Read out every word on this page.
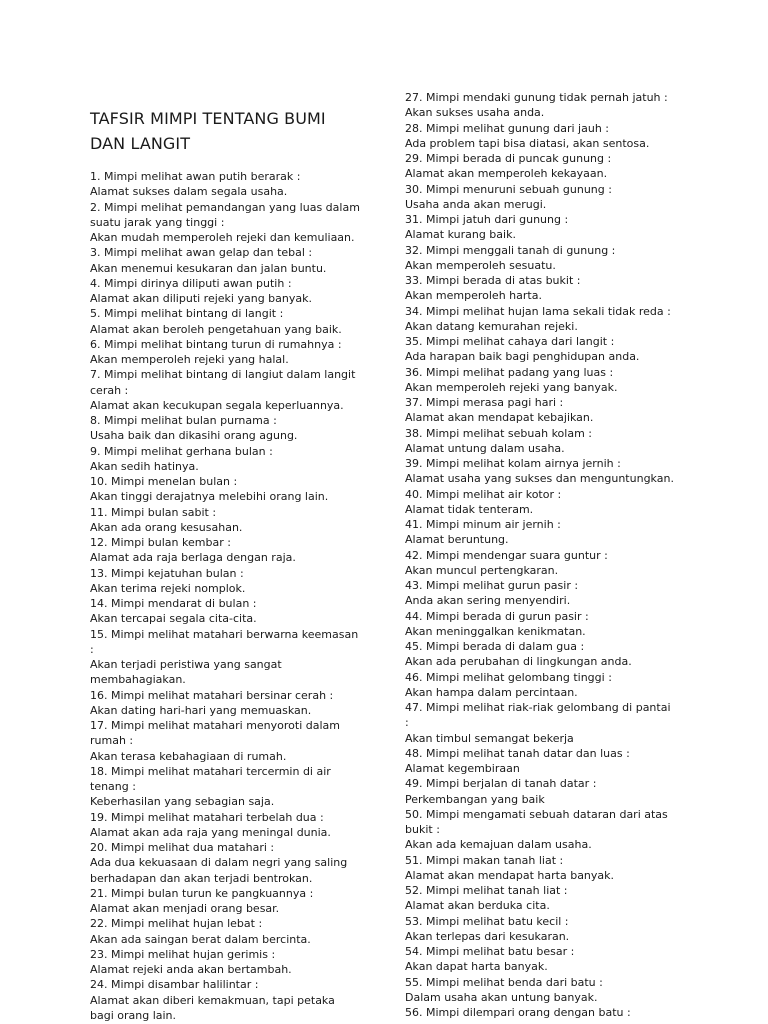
TAFSIR MIMPI TENTANG BUMI
DAN LANGIT
1. Mimpi melihat awan putih berarak :
Alamat sukses dalam segala usaha.
2. Mimpi melihat pemandangan yang luas dalam
suatu jarak yang tinggi :
Akan mudah memperoleh rejeki dan kemuliaan.
3. Mimpi melihat awan gelap dan tebal :
Akan menemui kesukaran dan jalan buntu.
4. Mimpi dirinya diliputi awan putih :
Alamat akan diliputi rejeki yang banyak.
5. Mimpi melihat bintang di langit :
Alamat akan beroleh pengetahuan yang baik.
6. Mimpi melihat bintang turun di rumahnya :
Akan memperoleh rejeki yang halal.
7. Mimpi melihat bintang di langiut dalam langit
cerah :
Alamat akan kecukupan segala keperluannya.
8. Mimpi melihat bulan purnama :
Usaha baik dan dikasihi orang agung.
9. Mimpi melihat gerhana bulan :
Akan sedih hatinya.
10. Mimpi menelan bulan :
Akan tinggi derajatnya melebihi orang lain.
11. Mimpi bulan sabit :
Akan ada orang kesusahan.
12. Mimpi bulan kembar :
Alamat ada raja berlaga dengan raja.
13. Mimpi kejatuhan bulan :
Akan terima rejeki nomplok.
14. Mimpi mendarat di bulan :
Akan tercapai segala cita-cita.
15. Mimpi melihat matahari berwarna keemasan
:
Akan terjadi peristiwa yang sangat
membahagiakan.
16. Mimpi melihat matahari bersinar cerah :
Akan dating hari-hari yang memuaskan.
17. Mimpi melihat matahari menyoroti dalam
rumah :
Akan terasa kebahagiaan di rumah.
18. Mimpi melihat matahari tercermin di air
tenang :
Keberhasilan yang sebagian saja.
19. Mimpi melihat matahari terbelah dua :
Alamat akan ada raja yang meningal dunia.
20. Mimpi melihat dua matahari :
Ada dua kekuasaan di dalam negri yang saling
berhadapan dan akan terjadi bentrokan.
21. Mimpi bulan turun ke pangkuannya :
Alamat akan menjadi orang besar.
22. Mimpi melihat hujan lebat :
Akan ada saingan berat dalam bercinta.
23. Mimpi melihat hujan gerimis :
Alamat rejeki anda akan bertambah.
24. Mimpi disambar halilintar :
Alamat akan diberi kemakmuan, tapi petaka
bagi orang lain.
27. Mimpi mendaki gunung tidak pernah jatuh :
Akan sukses usaha anda.
28. Mimpi melihat gunung dari jauh :
Ada problem tapi bisa diatasi, akan sentosa.
29. Mimpi berada di puncak gunung :
Alamat akan memperoleh kekayaan.
30. Mimpi menuruni sebuah gunung :
Usaha anda akan merugi.
31. Mimpi jatuh dari gunung :
Alamat kurang baik.
32. Mimpi menggali tanah di gunung :
Akan memperoleh sesuatu.
33. Mimpi berada di atas bukit :
Akan memperoleh harta.
34. Mimpi melihat hujan lama sekali tidak reda :
Akan datang kemurahan rejeki.
35. Mimpi melihat cahaya dari langit :
Ada harapan baik bagi penghidupan anda.
36. Mimpi melihat padang yang luas :
Akan memperoleh rejeki yang banyak.
37. Mimpi merasa pagi hari :
Alamat akan mendapat kebajikan.
38. Mimpi melihat sebuah kolam :
Alamat untung dalam usaha.
39. Mimpi melihat kolam airnya jernih :
Alamat usaha yang sukses dan menguntungkan.
40. Mimpi melihat air kotor :
Alamat tidak tenteram.
41. Mimpi minum air jernih :
Alamat beruntung.
42. Mimpi mendengar suara guntur :
Akan muncul pertengkaran.
43. Mimpi melihat gurun pasir :
Anda akan sering menyendiri.
44. Mimpi berada di gurun pasir :
Akan meninggalkan kenikmatan.
45. Mimpi berada di dalam gua :
Akan ada perubahan di lingkungan anda.
46. Mimpi melihat gelombang tinggi :
Akan hampa dalam percintaan.
47. Mimpi melihat riak-riak gelombang di pantai
:
Akan timbul semangat bekerja
48. Mimpi melihat tanah datar dan luas :
Alamat kegembiraan
49. Mimpi berjalan di tanah datar :
Perkembangan yang baik
50. Mimpi mengamati sebuah dataran dari atas
bukit :
Akan ada kemajuan dalam usaha.
51. Mimpi makan tanah liat :
Alamat akan mendapat harta banyak.
52. Mimpi melihat tanah liat :
Alamat akan berduka cita.
53. Mimpi melihat batu kecil :
Akan terlepas dari kesukaran.
54. Mimpi melihat batu besar :
Akan dapat harta banyak.
55. Mimpi melihat benda dari batu :
Dalam usaha akan untung banyak.
56. Mimpi dilempari orang dengan batu :
